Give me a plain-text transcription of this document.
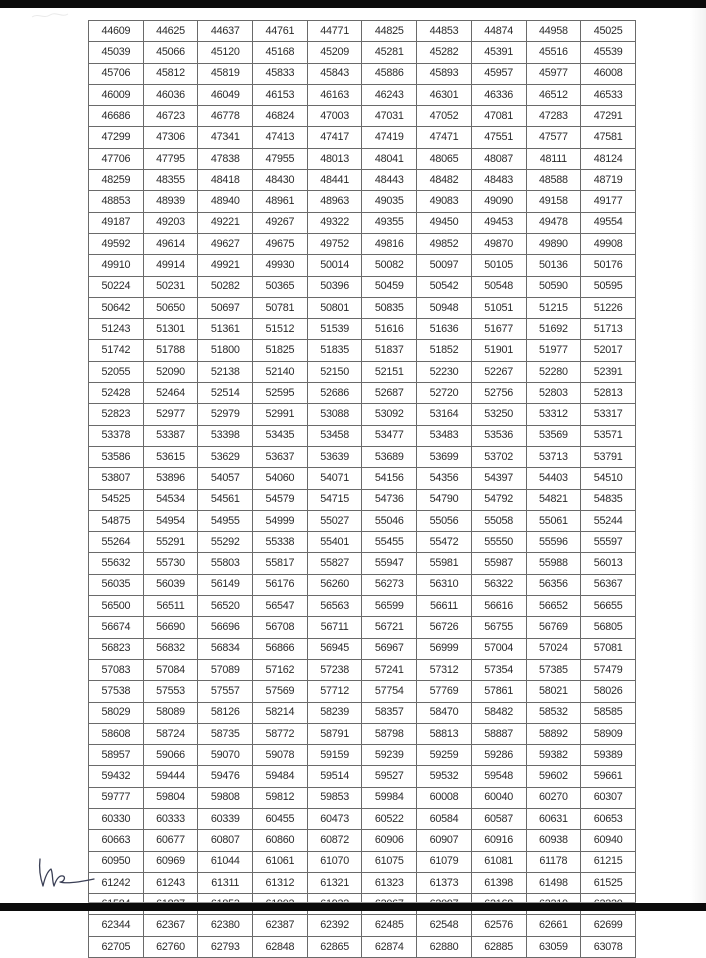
44609	44625	44637	44761	44771	44825	44853	44874	44958	45025
45039	45066	45120	45168	45209	45281	45282	45391	45516	45539
45706	45812	45819	45833	45843	45886	45893	45957	45977	46008
46009	46036	46049	46153	46163	46243	46301	46336	46512	46533
46686	46723	46778	46824	47003	47031	47052	47081	47283	47291
47299	47306	47341	47413	47417	47419	47471	47551	47577	47581
47706	47795	47838	47955	48013	48041	48065	48087	48111	48124
48259	48355	48418	48430	48441	48443	48482	48483	48588	48719
48853	48939	48940	48961	48963	49035	49083	49090	49158	49177
49187	49203	49221	49267	49322	49355	49450	49453	49478	49554
49592	49614	49627	49675	49752	49816	49852	49870	49890	49908
49910	49914	49921	49930	50014	50082	50097	50105	50136	50176
50224	50231	50282	50365	50396	50459	50542	50548	50590	50595
50642	50650	50697	50781	50801	50835	50948	51051	51215	51226
51243	51301	51361	51512	51539	51616	51636	51677	51692	51713
51742	51788	51800	51825	51835	51837	51852	51901	51977	52017
52055	52090	52138	52140	52150	52151	52230	52267	52280	52391
52428	52464	52514	52595	52686	52687	52720	52756	52803	52813
52823	52977	52979	52991	53088	53092	53164	53250	53312	53317
53378	53387	53398	53435	53458	53477	53483	53536	53569	53571
53586	53615	53629	53637	53639	53689	53699	53702	53713	53791
53807	53896	54057	54060	54071	54156	54356	54397	54403	54510
54525	54534	54561	54579	54715	54736	54790	54792	54821	54835
54875	54954	54955	54999	55027	55046	55056	55058	55061	55244
55264	55291	55292	55338	55401	55455	55472	55550	55596	55597
55632	55730	55803	55817	55827	55947	55981	55987	55988	56013
56035	56039	56149	56176	56260	56273	56310	56322	56356	56367
56500	56511	56520	56547	56563	56599	56611	56616	56652	56655
56674	56690	56696	56708	56711	56721	56726	56755	56769	56805
56823	56832	56834	56866	56945	56967	56999	57004	57024	57081
57083	57084	57089	57162	57238	57241	57312	57354	57385	57479
57538	57553	57557	57569	57712	57754	57769	57861	58021	58026
58029	58089	58126	58214	58239	58357	58470	58482	58532	58585
58608	58724	58735	58772	58791	58798	58813	58887	58892	58909
58957	59066	59070	59078	59159	59239	59259	59286	59382	59389
59432	59444	59476	59484	59514	59527	59532	59548	59602	59661
59777	59804	59808	59812	59853	59984	60008	60040	60270	60307
60330	60333	60339	60455	60473	60522	60584	60587	60631	60653
60663	60677	60807	60860	60872	60906	60907	60916	60938	60940
60950	60969	61044	61061	61070	61075	61079	61081	61178	61215
61242	61243	61311	61312	61321	61323	61373	61398	61498	61525

62344	62367	62380	62387	62392	62485	62548	62576	62661	62699
62705	62760	62793	62848	62865	62874	62880	62885	63059	63078
